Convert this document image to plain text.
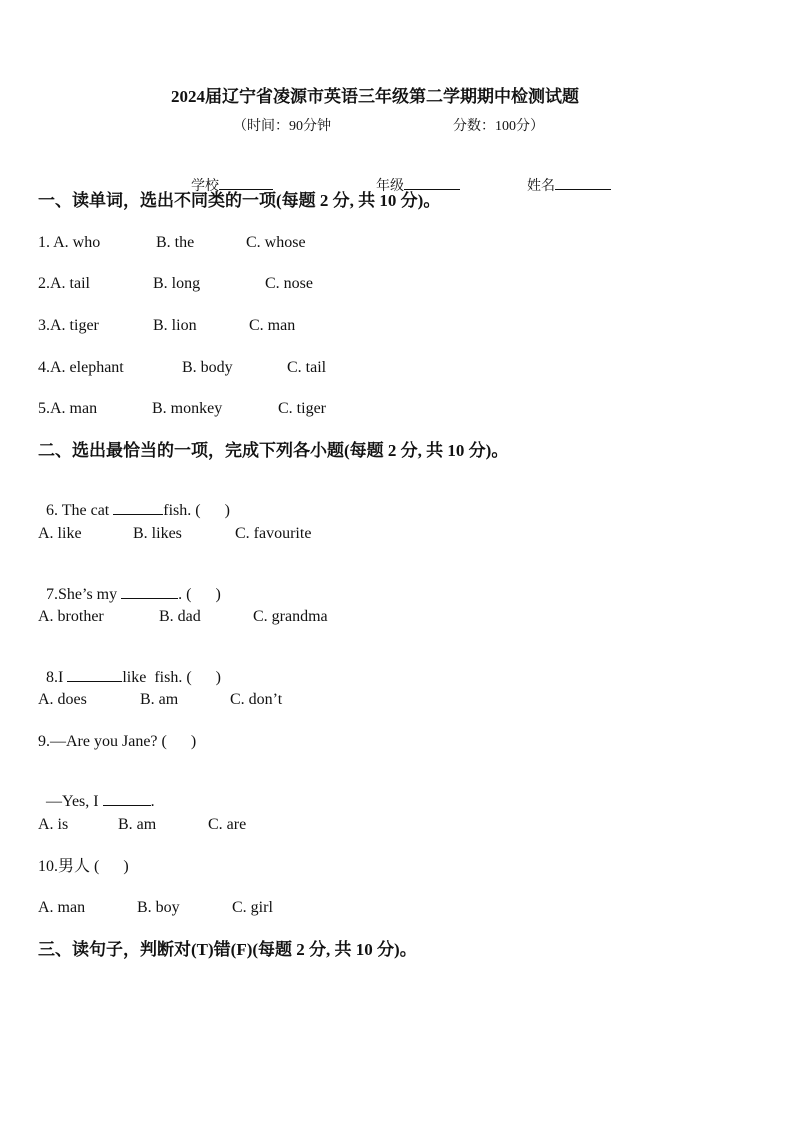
2024届辽宁省凌源市英语三年级第二学期期中检测试题
（时间：90分钟	分数：100分）

学校	年级	姓名

一、读单词，选出不同类的一项(每题 2 分, 共 10 分)。
1. A. who	B. the	C. whose
2.A. tail	B. long	C. nose
3.A. tiger	B. lion	C. man
4.A. elephant	B. body	C. tail
5.A. man	B. monkey	C. tiger
二、选出最恰当的一项，完成下列各小题(每题 2 分, 共 10 分)。

6. The cat	fish. (      )

A. like	B. likes	C. favourite

7.She’s my	. (      )

A. brother	B. dad	C. grandma

8.I	like  fish. (      )

A. does	B. am	C. don’t
9.—Are you Jane? (      )

—Yes, I	.

A. is	B. am	C. are
10.男人 (      )
A. man	B. boy	C. girl
三、读句子，判断对(T)错(F)(每题 2 分, 共 10 分)。
